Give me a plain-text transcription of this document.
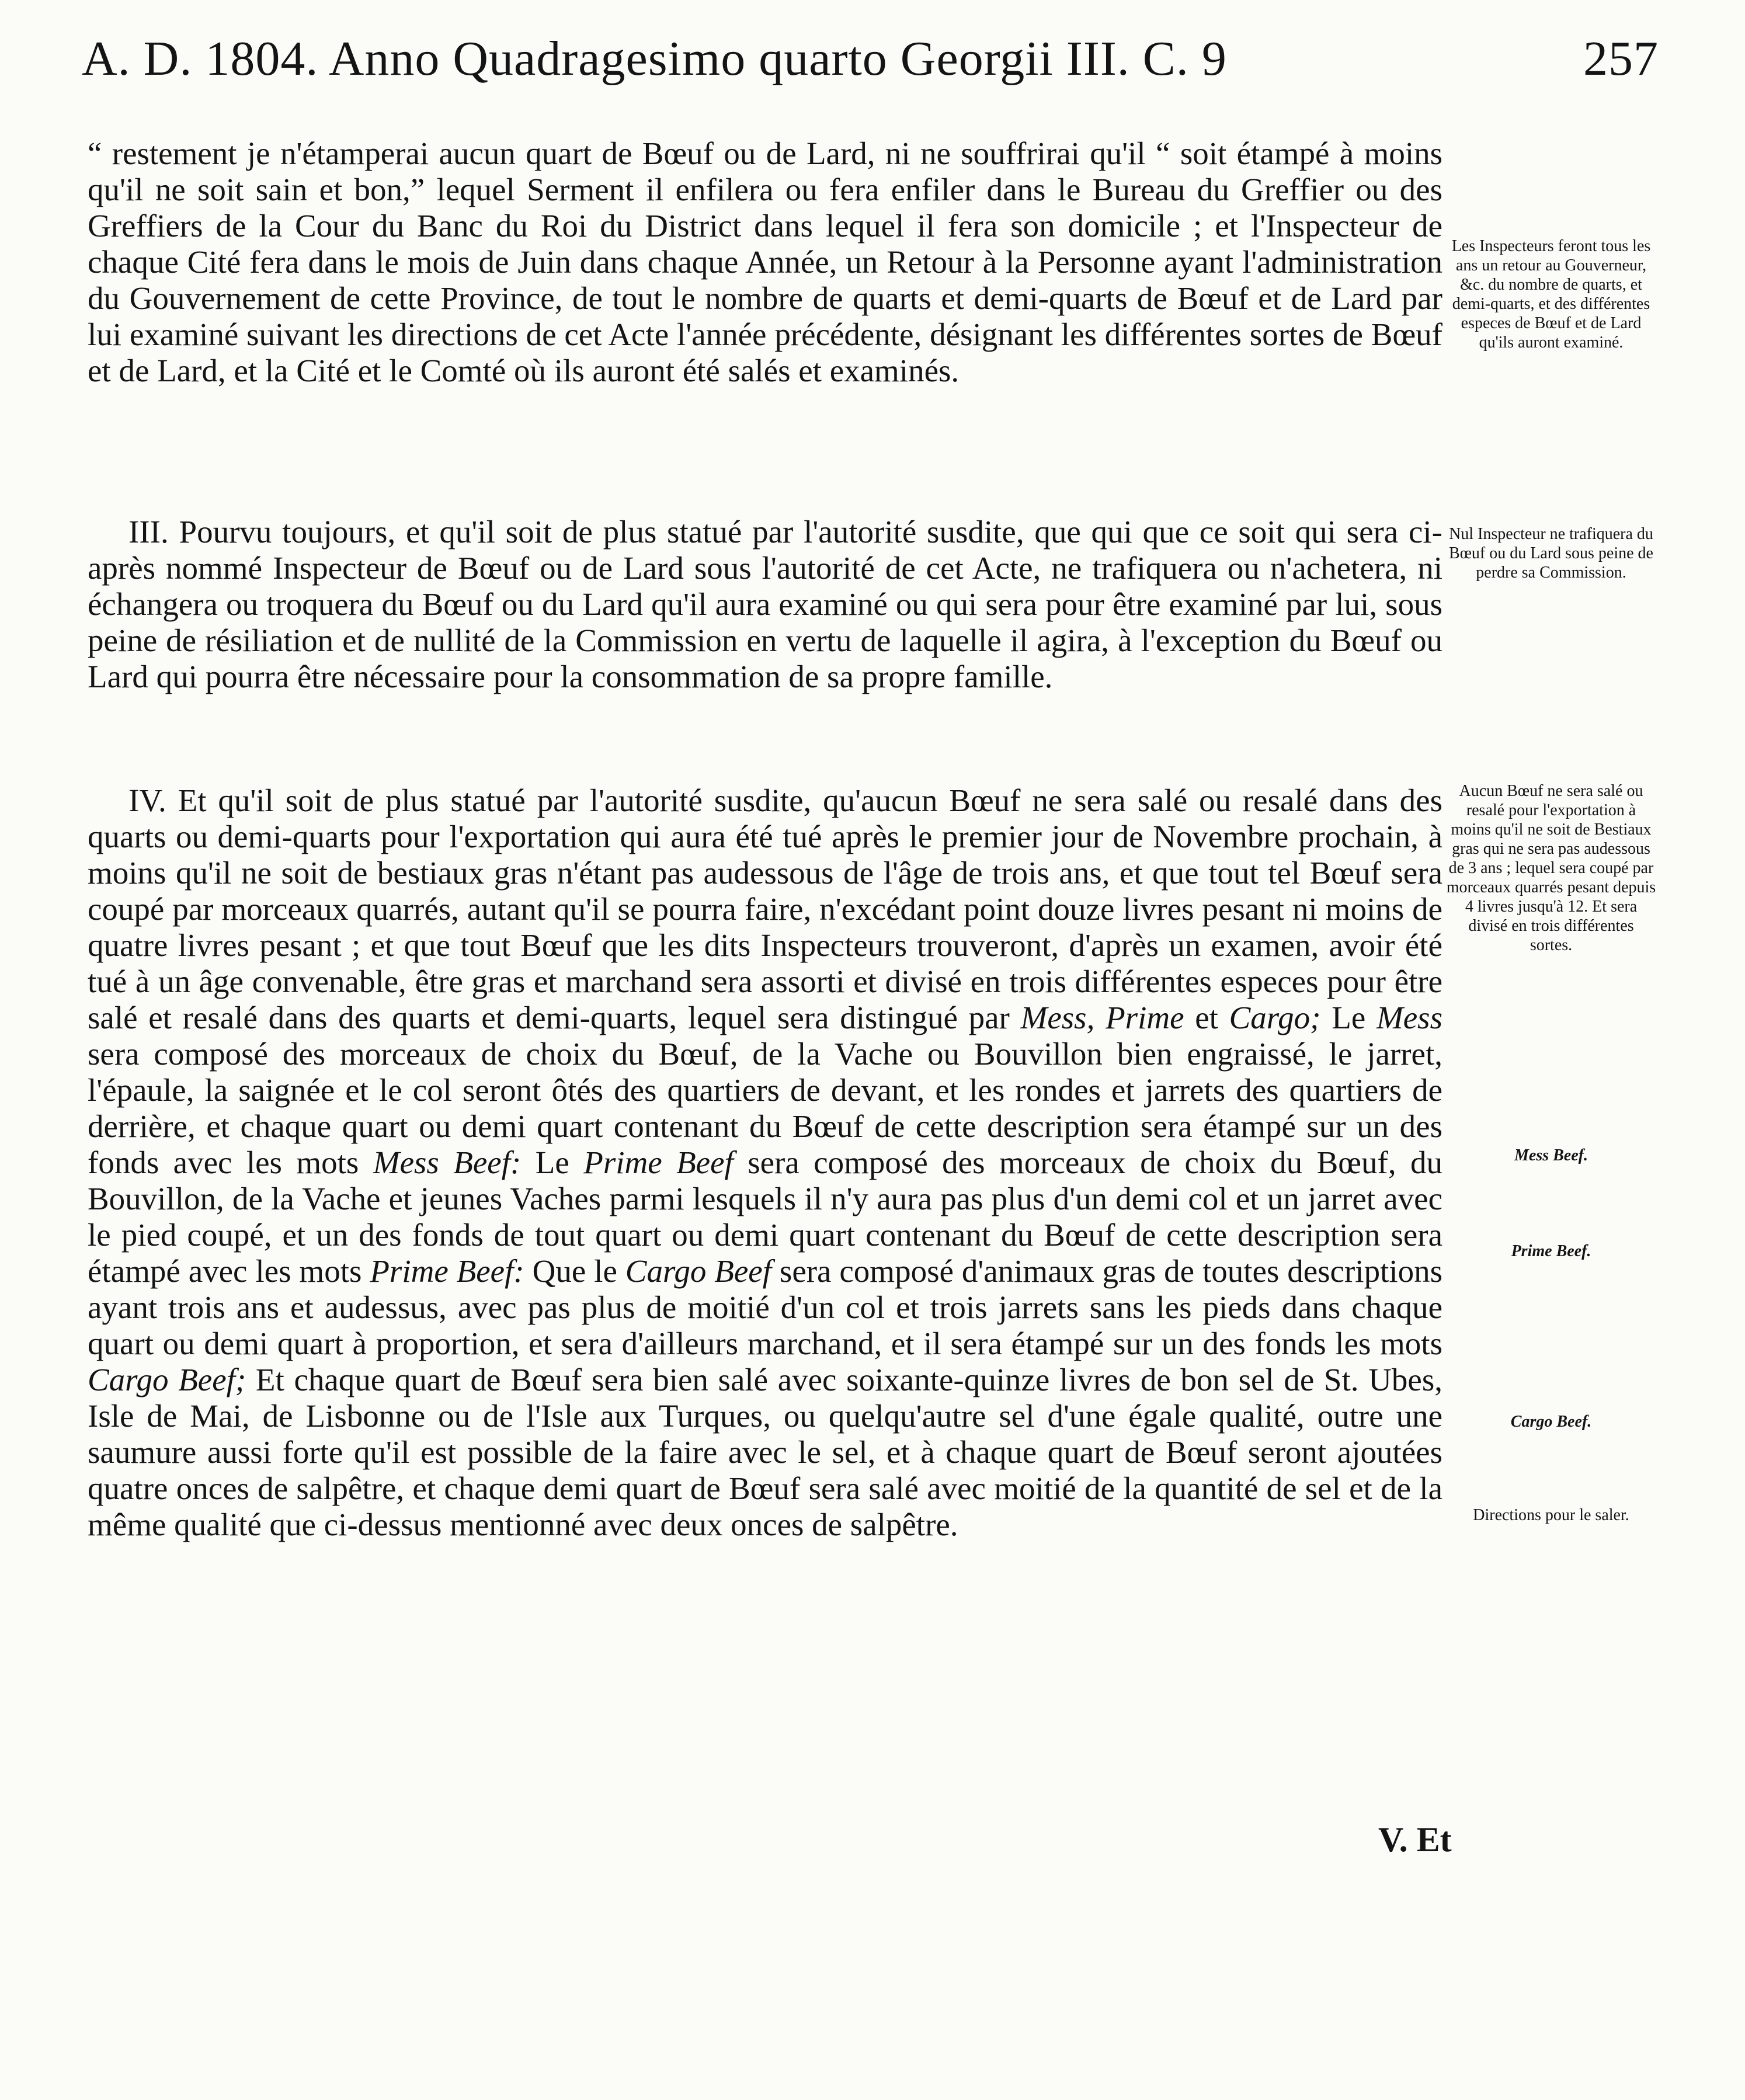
A. D. 1804. Anno Quadragesimo quarto Georgii III. C. 9	257

“ restement je n'étamperai aucun quart de Bœuf ou de Lard, ni ne souffrirai qu'il “ soit étampé à moins qu'il ne soit sain et bon,” lequel Serment il enfilera ou fera enfiler dans le Bureau du Greffier ou des Greffiers de la Cour du Banc du Roi du District dans lequel il fera son domicile ; et l'Inspecteur de chaque Cité fera dans le mois de Juin dans chaque Année, un Retour à la Personne ayant l'administration du Gouvernement de cette Province, de tout le nombre de quarts et demi-quarts de Bœuf et de Lard par lui examiné suivant les directions de cet Acte l'année précédente, désignant les différentes sortes de Bœuf et de Lard, et la Cité et le Comté où ils auront été salés et examinés.

III. Pourvu toujours, et qu'il soit de plus statué par l'autorité susdite, que qui que ce soit qui sera ci-après nommé Inspecteur de Bœuf ou de Lard sous l'autorité de cet Acte, ne trafiquera ou n'achetera, ni échangera ou troquera du Bœuf ou du Lard qu'il aura examiné ou qui sera pour être examiné par lui, sous peine de résiliation et de nullité de la Commission en vertu de laquelle il agira, à l'exception du Bœuf ou Lard qui pourra être nécessaire pour la consommation de sa propre famille.

IV. Et qu'il soit de plus statué par l'autorité susdite, qu'aucun Bœuf ne sera salé ou resalé dans des quarts ou demi-quarts pour l'exportation qui aura été tué après le premier jour de Novembre prochain, à moins qu'il ne soit de bestiaux gras n'étant pas audessous de l'âge de trois ans, et que tout tel Bœuf sera coupé par morceaux quarrés, autant qu'il se pourra faire, n'excédant point douze livres pesant ni moins de quatre livres pesant ; et que tout Bœuf que les dits Inspecteurs trouveront, d'après un examen, avoir été tué à un âge convenable, être gras et marchand sera assorti et divisé en trois différentes especes pour être salé et resalé dans des quarts et demi-quarts, lequel sera distingué par Mess, Prime et Cargo; Le Mess sera composé des morceaux de choix du Bœuf, de la Vache ou Bouvillon bien engraissé, le jarret, l'épaule, la saignée et le col seront ôtés des quartiers de devant, et les rondes et jarrets des quartiers de derrière, et chaque quart ou demi quart contenant du Bœuf de cette description sera étampé sur un des fonds avec les mots Mess Beef: Le Prime Beef sera composé des morceaux de choix du Bœuf, du Bouvillon, de la Vache et jeunes Vaches parmi lesquels il n'y aura pas plus d'un demi col et un jarret avec le pied coupé, et un des fonds de tout quart ou demi quart contenant du Bœuf de cette description sera étampé avec les mots Prime Beef: Que le Cargo Beef sera composé d'animaux gras de toutes descriptions ayant trois ans et audessus, avec pas plus de moitié d'un col et trois jarrets sans les pieds dans chaque quart ou demi quart à proportion, et sera d'ailleurs marchand, et il sera étampé sur un des fonds les mots Cargo Beef; Et chaque quart de Bœuf sera bien salé avec soixante-quinze livres de bon sel de St. Ubes, Isle de Mai, de Lisbonne ou de l'Isle aux Turques, ou quelqu'autre sel d'une égale qualité, outre une saumure aussi forte qu'il est possible de la faire avec le sel, et à chaque quart de Bœuf seront ajoutées quatre onces de salpêtre, et chaque demi quart de Bœuf sera salé avec moitié de la quantité de sel et de la même qualité que ci-dessus mentionné avec deux onces de salpêtre.

Les Inspecteurs feront tous les ans un retour au Gouverneur, &c. du nombre de quarts, et demi-quarts, et des différentes especes de Bœuf et de Lard qu'ils auront examiné.
Nul Inspecteur ne trafiquera du Bœuf ou du Lard sous peine de perdre sa Commission.
Aucun Bœuf ne sera salé ou resalé pour l'exportation à moins qu'il ne soit de Bestiaux gras qui ne sera pas audessous de 3 ans ; lequel sera coupé par morceaux quarrés pesant depuis 4 livres jusqu'à 12. Et sera divisé en trois différentes sortes.
Mess Beef.
Prime Beef.
Cargo Beef.
Directions pour le saler.
V. Et
